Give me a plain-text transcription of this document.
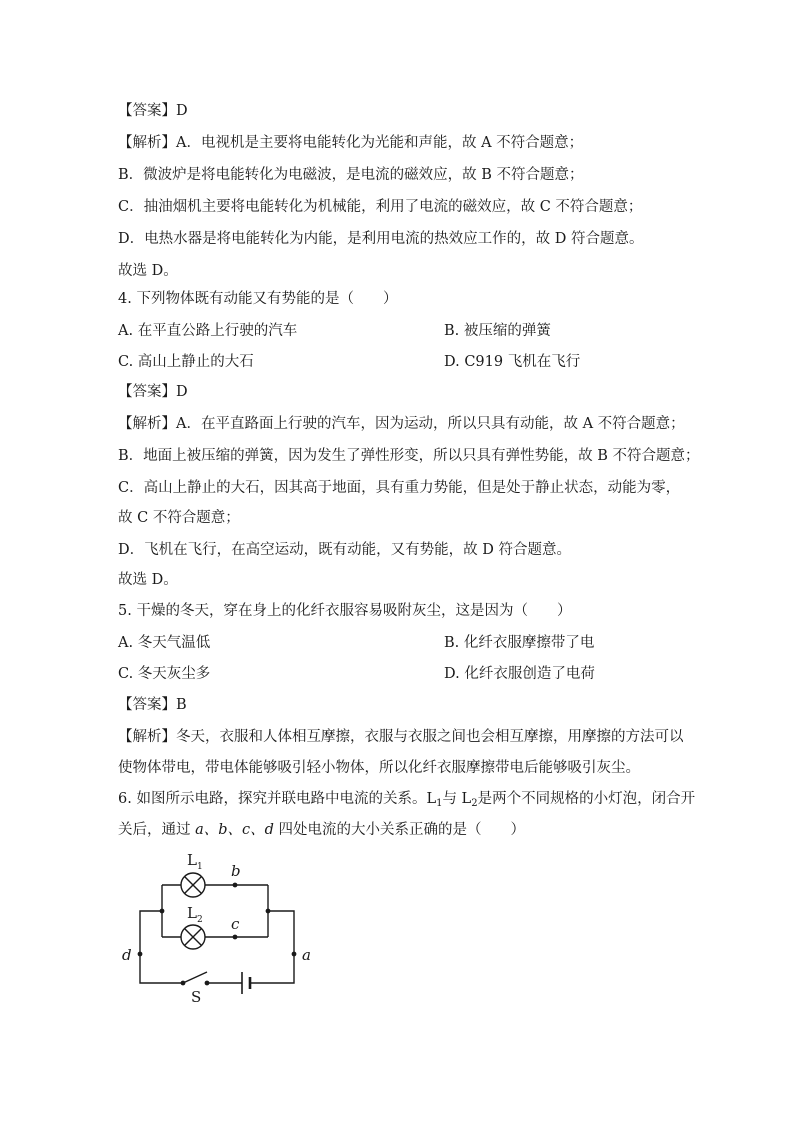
【答案】D
【解析】A．电视机是主要将电能转化为光能和声能，故 A 不符合题意；
B．微波炉是将电能转化为电磁波，是电流的磁效应，故 B 不符合题意；
C．抽油烟机主要将电能转化为机械能，利用了电流的磁效应，故 C 不符合题意；
D．电热水器是将电能转化为内能，是利用电流的热效应工作的，故 D 符合题意。
故选 D。
4. 下列物体既有动能又有势能的是（　　）
A. 在平直公路上行驶的汽车	B. 被压缩的弹簧
C. 高山上静止的大石	D. C919 飞机在飞行
【答案】D
【解析】A．在平直路面上行驶的汽车，因为运动，所以只具有动能，故 A 不符合题意；
B．地面上被压缩的弹簧，因为发生了弹性形变，所以只具有弹性势能，故 B 不符合题意；
C．高山上静止的大石，因其高于地面，具有重力势能，但是处于静止状态，动能为零，
故 C 不符合题意；
D．飞机在飞行，在高空运动，既有动能，又有势能，故 D 符合题意。
故选 D。
5. 干燥的冬天，穿在身上的化纤衣服容易吸附灰尘，这是因为（　　）
A. 冬天气温低	B. 化纤衣服摩擦带了电
C. 冬天灰尘多	D. 化纤衣服创造了电荷
【答案】B
【解析】冬天，衣服和人体相互摩擦，衣服与衣服之间也会相互摩擦，用摩擦的方法可以
使物体带电，带电体能够吸引轻小物体，所以化纤衣服摩擦带电后能够吸引灰尘。
6. 如图所示电路，探究并联电路中电流的关系。$L_1$与 $L_2$是两个不同规格的小灯泡，闭合开
关后，通过 a、b、c、d 四处电流的大小关系正确的是（　　）
$L_1$
$L_2$
b
c
d	a
S
